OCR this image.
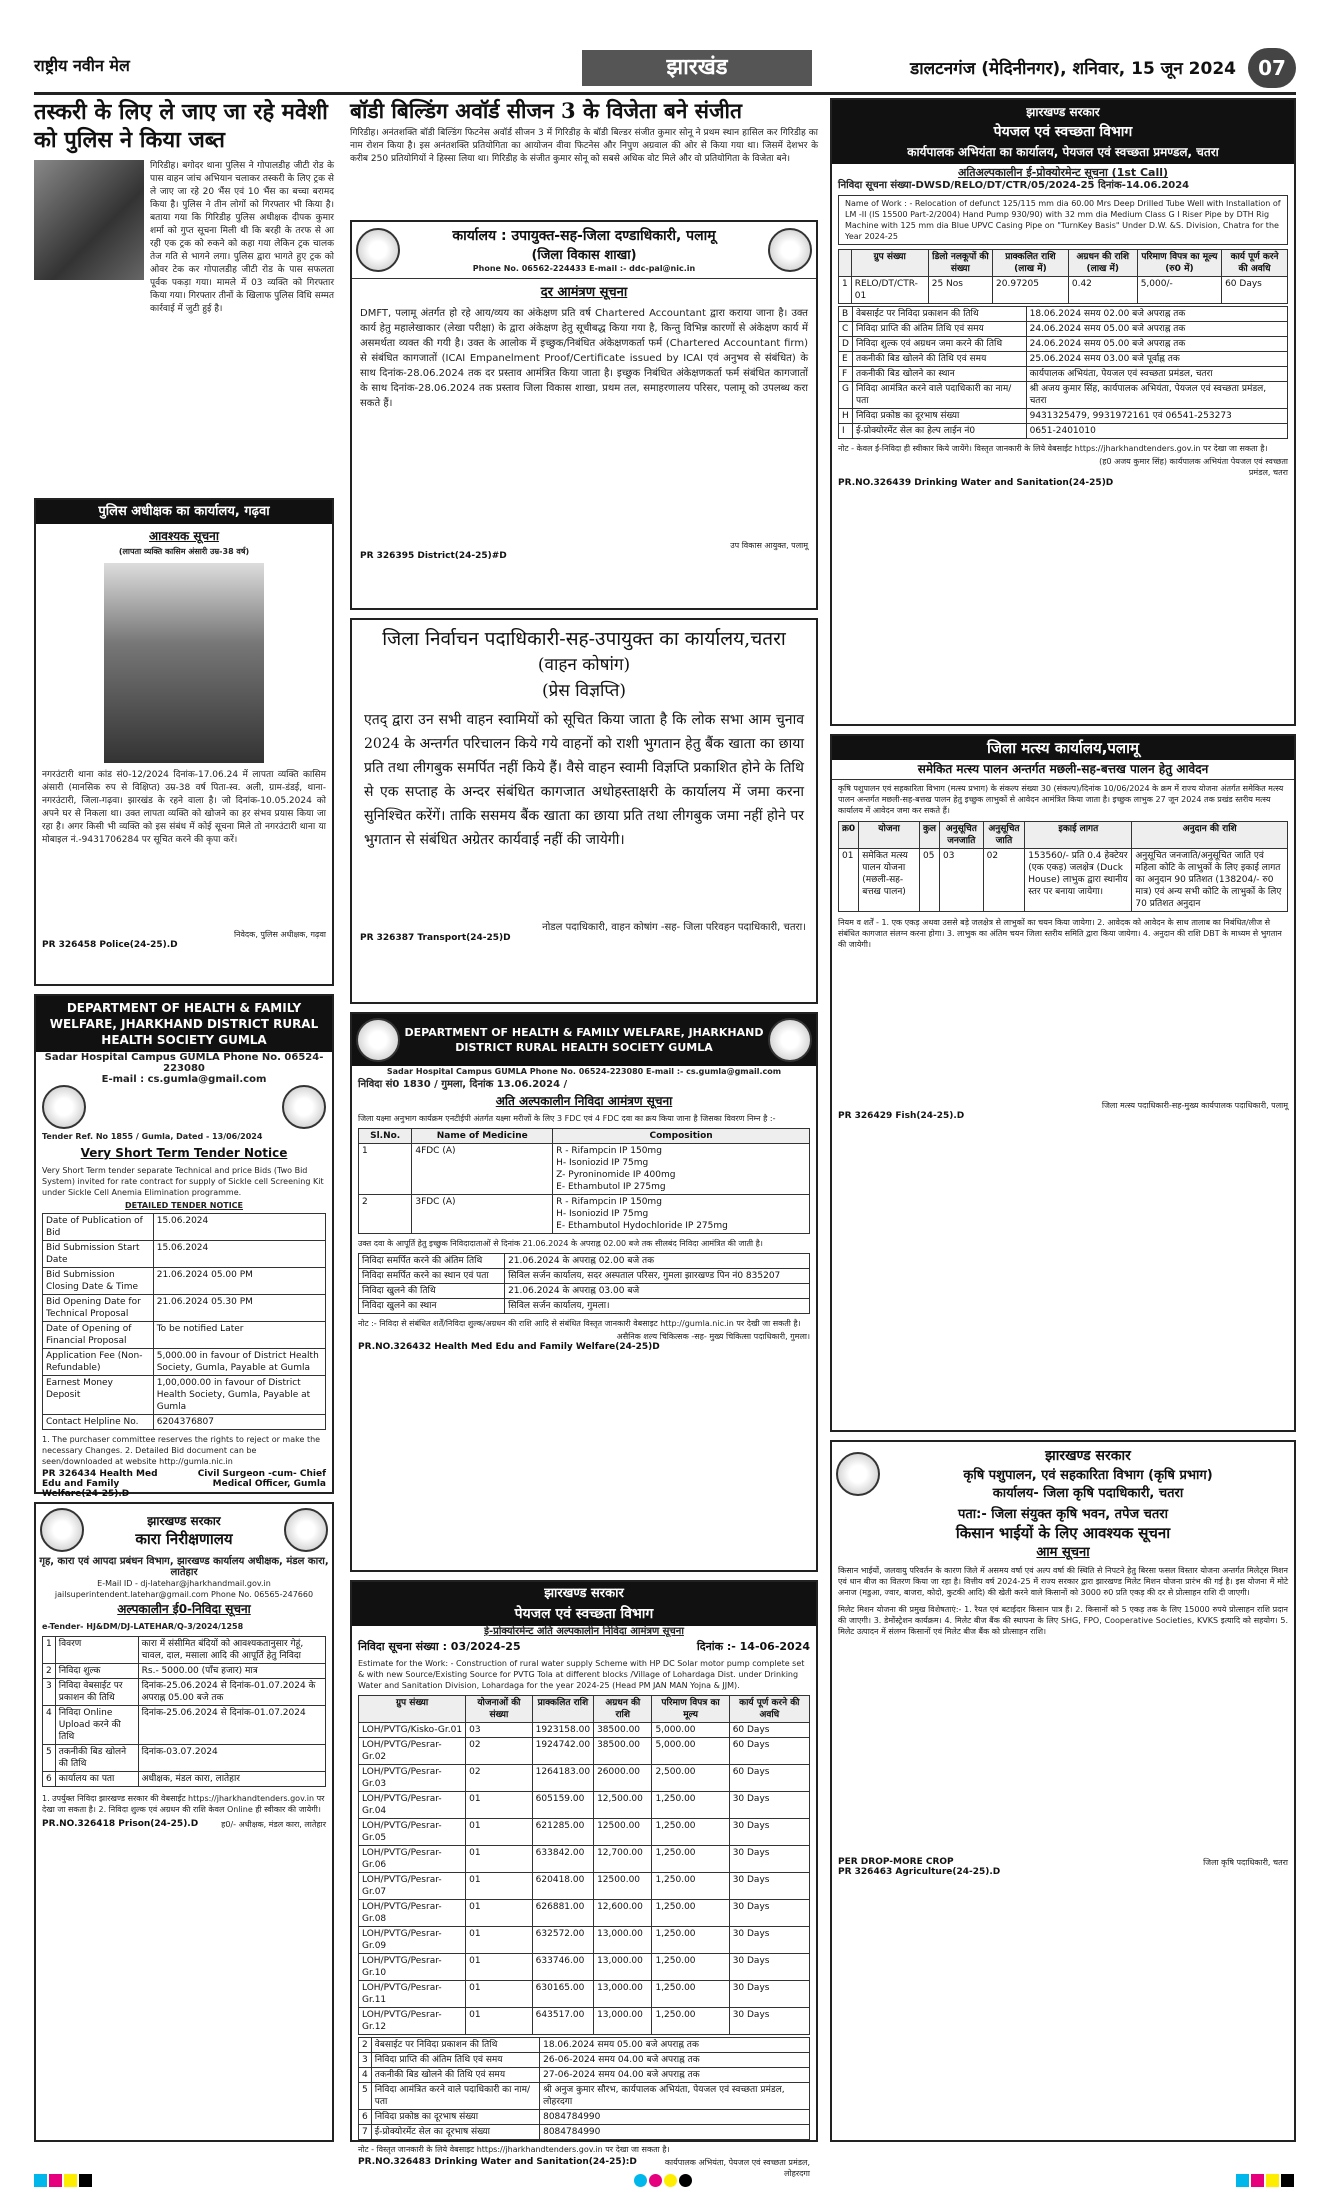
राष्ट्रीय नवीन मेल	झारखंड	डालटनगंज (मेदिनीनगर), शनिवार, 15 जून 2024	07
तस्करी के लिए ले जाए जा रहे मवेशी को पुलिस ने किया जब्त
गिरिडीह। बगोदर थाना पुलिस ने गोपालडीह जीटी रोड के पास वाहन जांच अभियान चलाकर तस्करी के लिए ट्रक से ले जाए जा रहे 20 भैंस एवं 10 भैंस का बच्चा बरामद किया है। पुलिस ने तीन लोगों को गिरफ्तार भी किया है। बताया गया कि गिरिडीह पुलिस अधीक्षक दीपक कुमार शर्मा को गुप्त सूचना मिली थी कि बरही के तरफ से आ रही एक ट्रक को रुकने को कहा गया लेकिन ट्रक चालक तेज गति से भागने लगा। पुलिस द्वारा भागते हुए ट्रक को ओवर टेक कर गोपालडीह जीटी रोड के पास सफलता पूर्वक पकड़ा गया। मामले में 03 व्यक्ति को गिरफ्तार किया गया। गिरफ्तार तीनों के खिलाफ पुलिस विधि सम्मत कार्रवाई में जुटी हुई है।
पुलिस अधीक्षक का कार्यालय, गढ़वा
आवश्यक सूचना
(लापता व्यक्ति कासिम अंसारी उम्र-38 वर्ष)
नगरउंटारी थाना कांड सं0-12/2024 दिनांक-17.06.24 में लापता व्यक्ति कासिम अंसारी (मानसिक रुप से विक्षिप्त) उम्र-38 वर्ष पिता-स्व. अली, ग्राम-डंडई, थाना-नगरउंटारी, जिला-गढ़वा। झारखंड के रहने वाला है। जो दिनांक-10.05.2024 को अपने घर से निकला था। उक्त लापता व्यक्ति को खोजने का हर संभव प्रयास किया जा रहा है। अगर किसी भी व्यक्ति को इस संबंध में कोई सूचना मिले तो नगरउंटारी थाना या मोबाइल नं.-9431706284 पर सूचित करने की कृपा करें।
निवेदक, पुलिस अधीक्षक, गढ़वा
PR 326458 Police(24-25).D
DEPARTMENT OF HEALTH & FAMILY WELFARE, JHARKHAND DISTRICT RURAL HEALTH SOCIETY GUMLA
Sadar Hospital Campus GUMLA Phone No. 06524-223080
E-mail : cs.gumla@gmail.com
Tender Ref. No 1855 / Gumla, Dated - 13/06/2024
Very Short Term Tender Notice
Very Short Term tender separate Technical and price Bids (Two Bid System) invited for rate contract for supply of Sickle cell Screening Kit under Sickle Cell Anemia Elimination programme.
DETAILED TENDER NOTICE
Date of Publication of Bid	15.06.2024
Bid Submission Start Date	15.06.2024
Bid Submission Closing Date & Time	21.06.2024 05.00 PM
Bid Opening Date for Technical Proposal	21.06.2024 05.30 PM
Date of Opening of Financial Proposal	To be notified Later
Application Fee (Non-Refundable)	5,000.00 in favour of District Health Society, Gumla, Payable at Gumla
Earnest Money Deposit	1,00,000.00 in favour of District Health Society, Gumla, Payable at Gumla
Contact Helpline No.	6204376807
1. The purchaser committee reserves the rights to reject or make the necessary Changes. 2. Detailed Bid document can be seen/downloaded at website http://gumla.nic.in
PR 326434 Health Med Edu and Family Welfare(24-25).D
Civil Surgeon -cum- Chief Medical Officer, Gumla
झारखण्ड सरकार
कारा निरीक्षणालय
गृह, कारा एवं आपदा प्रबंधन विभाग, झारखण्ड कार्यालय अधीक्षक, मंडल कारा, लातेहार
E-Mail ID - dj-latehar@jharkhandmail.gov.in jailsuperintendent.latehar@gmail.com Phone No. 06565-247660
अल्पकालीन ई0-निविदा सूचना
e-Tender- HJ&DM/DJ-LATEHAR/Q-3/2024/1258
1	विवरण	कारा में संसीमित बंदियों को आवश्यकतानुसार गेहूं, चावल, दाल, मसाला आदि की आपूर्ति हेतु निविदा
2	निविदा शुल्क	Rs.- 5000.00 (पाँच हजार) मात्र
3	निविदा वेबसाईट पर प्रकाशन की तिथि	दिनांक-25.06.2024 से दिनांक-01.07.2024 के अपराह्न 05.00 बजे तक
4	निविदा Online Upload करने की तिथि	दिनांक-25.06.2024 से दिनांक-01.07.2024
5	तकनीकी बिड खोलने की तिथि	दिनांक-03.07.2024
6	कार्यालय का पता	अधीक्षक, मंडल कारा, लातेहार
1. उपर्युक्त निविदा झारखण्ड सरकार की वेबसाईट https://jharkhandtenders.gov.in पर देखा जा सकता है। 2. निविदा शुल्क एवं अग्रधन की राशि केवल Online ही स्वीकार की जायेगी।
PR.NO.326418 Prison(24-25).D	ह0/- अधीक्षक, मंडल कारा, लातेहार
बॉडी बिल्डिंग अवॉर्ड सीजन 3 के विजेता बने संजीत
गिरिडीह। अनंतशक्ति बॉडी बिल्डिंग फिटनेस अवॉर्ड सीजन 3 में गिरिडीह के बॉडी बिल्डर संजीत कुमार सोनू ने प्रथम स्थान हासिल कर गिरिडीह का नाम रोशन किया है। इस अनंतशक्ति प्रतियोगिता का आयोजन वीवा फिटनेस और निपुण अग्रवाल की ओर से किया गया था। जिसमें देशभर के करीब 250 प्रतियोगियों ने हिस्सा लिया था। गिरिडीह के संजीत कुमार सोनू को सबसे अधिक वोट मिले और वो प्रतियोगिता के विजेता बने।
कार्यालय : उपायुक्त-सह-जिला दण्डाधिकारी, पलामू
(जिला विकास शाखा)
Phone No. 06562-224433 E-mail :- ddc-pal@nic.in
दर आमंत्रण सूचना
DMFT, पलामू अंतर्गत हो रहे आय/व्यय का अंकेक्षण प्रति वर्ष Chartered Accountant द्वारा कराया जाना है। उक्त कार्य हेतु महालेखाकार (लेखा परीक्षा) के द्वारा अंकेक्षण हेतु सूचीबद्ध किया गया है, किन्तु विभिन्न कारणों से अंकेक्षण कार्य में असमर्थता व्यक्त की गयी है। उक्त के आलोक में इच्छुक/निबंधित अंकेक्षणकर्ता फर्म (Chartered Accountant firm) से संबंधित कागजातों (ICAI Empanelment Proof/Certificate issued by ICAI एवं अनुभव से संबंधित) के साथ दिनांक-28.06.2024 तक दर प्रस्ताव आमंत्रित किया जाता है। इच्छुक निबंधित अंकेक्षणकर्ता फर्म संबंधित कागजातों के साथ दिनांक-28.06.2024 तक प्रस्ताव जिला विकास शाखा, प्रथम तल, समाहरणालय परिसर, पलामू को उपलब्ध करा सकते हैं।
उप विकास आयुक्त, पलामू
PR 326395 District(24-25)#D
जिला निर्वाचन पदाधिकारी-सह-उपायुक्त का कार्यालय,चतरा
(वाहन कोषांग)
(प्रेस विज्ञप्ति)
एतद् द्वारा उन सभी वाहन स्वामियों को सूचित किया जाता है कि लोक सभा आम चुनाव 2024 के अन्तर्गत परिचालन किये गये वाहनों को राशी भुगतान हेतु बैंक खाता का छाया प्रति तथा लीगबुक समर्पित नहीं किये हैं। वैसे वाहन स्वामी विज्ञप्ति प्रकाशित होने के तिथि से एक सप्ताह के अन्दर संबंधित कागजात अधोहस्ताक्षरी के कार्यालय में जमा करना सुनिश्चित करेंगें। ताकि ससमय बैंक खाता का छाया प्रति तथा लीगबुक जमा नहीं होने पर भुगतान से संबंधित अग्रेतर कार्यवाई नहीं की जायेगी।
नोडल पदाधिकारी, वाहन कोषांग -सह- जिला परिवहन पदाधिकारी, चतरा।
PR 326387 Transport(24-25)D
DEPARTMENT OF HEALTH & FAMILY WELFARE, JHARKHAND DISTRICT RURAL HEALTH SOCIETY GUMLA
Sadar Hospital Campus GUMLA Phone No. 06524-223080 E-mail :- cs.gumla@gmail.com
निविदा सं0 1830 / गुमला, दिनांक 13.06.2024 /
अति अल्पकालीन निविदा आमंत्रण सूचना
जिला यक्ष्मा अनुभाग कार्यक्रम एनटीईपी अंतर्गत यक्ष्मा मरीजों के लिए 3 FDC एवं 4 FDC दवा का क्रय किया जाना है जिसका विवरण निम्न है :-
Sl.No.	Name of Medicine	Composition
1	4FDC (A)	R - Rifampcin IP 150mg
H- Isoniozid IP 75mg
Z- Pyroninomide IP 400mg
E- Ethambutol IP 275mg
2	3FDC (A)	R - Rifampcin IP 150mg
H- Isoniozid IP 75mg
E- Ethambutol Hydochloride IP 275mg
उक्त दवा के आपूर्ति हेतु इच्छुक निविदादाताओं से दिनांक 21.06.2024 के अपराह्न 02.00 बजे तक सीलबंद निविदा आमंत्रित की जाती है।
निविदा समर्पित करने की अंतिम तिथि	21.06.2024 के अपराह्न 02.00 बजे तक
निविदा समर्पित करने का स्थान एवं पता	सिविल सर्जन कार्यालय, सदर अस्पताल परिसर, गुमला झारखण्ड पिन नं0 835207
निविदा खुलने की तिथि	21.06.2024 के अपराह्न 03.00 बजे
निविदा खुलने का स्थान	सिविल सर्जन कार्यालय, गुमला।
नोट :- निविदा से संबंधित शर्तें/निविदा शुल्क/अग्रधन की राशि आदि से संबंधित विस्तृत जानकारी वेबसाइट http://gumla.nic.in पर देखी जा सकती है।
असैनिक शल्य चिकित्सक -सह- मुख्य चिकित्सा पदाधिकारी, गुमला।
PR.NO.326432 Health Med Edu and Family Welfare(24-25)D
झारखण्ड सरकार
पेयजल एवं स्वच्छता विभाग
ई-प्रोक्योरमेन्ट अति अल्पकालीन निविदा आमंत्रण सूचना
निविदा सूचना संख्या : 03/2024-25	दिनांक :- 14-06-2024
Estimate for the Work: - Construction of rural water supply Scheme with HP DC Solar motor pump complete set & with new Source/Existing Source for PVTG Tola at different blocks /Village of Lohardaga Dist. under Drinking Water and Sanitation Division, Lohardaga for the year 2024-25 (Head PM JAN MAN Yojna & JJM).
ग्रुप संख्या	योजनाओं की संख्या	प्राक्कलित राशि	अग्रधन की राशि	परिमाण विपत्र का मूल्य	कार्य पूर्ण करने की अवधि
LOH/PVTG/Kisko-Gr.01	03	1923158.00	38500.00	5,000.00	60 Days
LOH/PVTG/Pesrar-Gr.02	02	1924742.00	38500.00	5,000.00	60 Days
LOH/PVTG/Pesrar-Gr.03	02	1264183.00	26000.00	2,500.00	60 Days
LOH/PVTG/Pesrar-Gr.04	01	605159.00	12,500.00	1,250.00	30 Days
LOH/PVTG/Pesrar-Gr.05	01	621285.00	12500.00	1,250.00	30 Days
LOH/PVTG/Pesrar-Gr.06	01	633842.00	12,700.00	1,250.00	30 Days
LOH/PVTG/Pesrar-Gr.07	01	620418.00	12500.00	1,250.00	30 Days
LOH/PVTG/Pesrar-Gr.08	01	626881.00	12,600.00	1,250.00	30 Days
LOH/PVTG/Pesrar-Gr.09	01	632572.00	13,000.00	1,250.00	30 Days
LOH/PVTG/Pesrar-Gr.10	01	633746.00	13,000.00	1,250.00	30 Days
LOH/PVTG/Pesrar-Gr.11	01	630165.00	13,000.00	1,250.00	30 Days
LOH/PVTG/Pesrar-Gr.12	01	643517.00	13,000.00	1,250.00	30 Days
2	वेबसाईट पर निविदा प्रकाशन की तिथि	18.06.2024 समय 05.00 बजे अपराह्न तक
3	निविदा प्राप्ति की अंतिम तिथि एवं समय	26-06-2024 समय 04.00 बजे अपराह्न तक
4	तकनीकी बिड खोलने की तिथि एवं समय	27-06-2024 समय 04.00 बजे अपराह्न तक
5	निविदा आमंत्रित करने वाले पदाधिकारी का नाम/पता	श्री अनुज कुमार सौरभ, कार्यपालक अभियंता, पेयजल एवं स्वच्छता प्रमंडल, लोहरदगा
6	निविदा प्रकोष्ठ का दूरभाष संख्या	8084784990
7	ई-प्रोक्योरमेंट सेल का दूरभाष संख्या	8084784990
नोट - विस्तृत जानकारी के लिये वेबसाइट https://jharkhandtenders.gov.in पर देखा जा सकता है।
PR.NO.326483 Drinking Water and Sanitation(24-25):D	कार्यपालक अभियंता, पेयजल एवं स्वच्छता प्रमंडल, लोहरदगा
झारखण्ड सरकार
पेयजल एवं स्वच्छता विभाग
कार्यपालक अभियंता का कार्यालय, पेयजल एवं स्वच्छता प्रमण्डल, चतरा
अतिअल्पकालीन ई-प्रोक्योरमेन्ट सूचना (1st Call)
निविदा सूचना संख्या-DWSD/RELO/DT/CTR/05/2024-25 दिनांक-14.06.2024
Name of Work : - Relocation of defunct 125/115 mm dia 60.00 Mrs Deep Drilled Tube Well with Installation of LM -II (IS 15500 Part-2/2004) Hand Pump 930/90) with 32 mm dia Medium Class G I Riser Pipe by DTH Rig Machine with 125 mm dia Blue UPVC Casing Pipe on "TurnKey Basis" Under D.W. &S. Division, Chatra for the Year 2024-25
	ग्रुप संख्या	डिलो नलकूपों की संख्या	प्राक्कलित राशि (लाख में)	अग्रधन की राशि (लाख में)	परिमाण विपत्र का मूल्य (रु0 में)	कार्य पूर्ण करने की अवधि
1	RELO/DT/CTR-01	25 Nos	20.97205	0.42	5,000/-	60 Days
B	वेबसाईट पर निविदा प्रकाशन की तिथि	18.06.2024 समय 02.00 बजे अपराह्न तक
C	निविदा प्राप्ति की अंतिम तिथि एवं समय	24.06.2024 समय 05.00 बजे अपराह्न तक
D	निविदा शुल्क एवं अग्रधन जमा करने की तिथि	24.06.2024 समय 05.00 बजे अपराह्न तक
E	तकनीकी बिड खोलने की तिथि एवं समय	25.06.2024 समय 03.00 बजे पूर्वाह्न तक
F	तकनीकी बिड खोलने का स्थान	कार्यपालक अभियंता, पेयजल एवं स्वच्छता प्रमंडल, चतरा
G	निविदा आमंत्रित करने वाले पदाधिकारी का नाम/पता	श्री अजय कुमार सिंह, कार्यपालक अभियंता, पेयजल एवं स्वच्छता प्रमंडल, चतरा
H	निविदा प्रकोष्ठ का दूरभाष संख्या	9431325479, 9931972161 एवं 06541-253273
I	ई-प्रोक्योरमेंट सेल का हेल्प लाईन नं0	0651-2401010
नोट - केवल ई-निविदा ही स्वीकार किये जायेंगे। विस्तृत जानकारी के लिये वेबसाईट https://jharkhandtenders.gov.in पर देखा जा सकता है।
(ह0 अजय कुमार सिंह) कार्यपालक अभियंता पेयजल एवं स्वच्छता प्रमंडल, चतरा
PR.NO.326439 Drinking Water and Sanitation(24-25)D
जिला मत्स्य कार्यालय,पलामू
समेकित मत्स्य पालन अन्तर्गत मछली-सह-बत्तख पालन हेतु आवेदन
कृषि पशुपालन एवं सहकारिता विभाग (मत्स्य प्रभाग) के संकल्प संख्या 30 (संकल्प)/दिनांक 10/06/2024 के क्रम में राज्य योजना अंतर्गत समेकित मत्स्य पालन अन्तर्गत मछली-सह-बत्तख पालन हेतु इच्छुक लाभुकों से आवेदन आमंत्रित किया जाता है। इच्छुक लाभुक 27 जून 2024 तक प्रखंड स्तरीय मत्स्य कार्यालय में आवेदन जमा कर सकते हैं।
क्र0	योजना	कुल	अनुसूचित जनजाति	अनुसूचित जाति	इकाई लागत	अनुदान की राशि
01	समेकित मत्स्य पालन योजना (मछली-सह-बत्तख पालन)	05	03	02	153560/- प्रति 0.4 हेक्टेयर (एक एकड़) जलक्षेत्र (Duck House) लाभुक द्वारा स्थानीय स्तर पर बनाया जायेगा।	अनुसूचित जनजाति/अनुसूचित जाति एवं महिला कोटि के लाभुकों के लिए इकाई लागत का अनुदान 90 प्रतिशत (138204/- रु0 मात्र) एवं अन्य सभी कोटि के लाभुकों के लिए 70 प्रतिशत अनुदान
नियम व शर्तें - 1. एक एकड़ अथवा उससे बड़े जलक्षेत्र से लाभुकों का चयन किया जायेगा। 2. आवेदक को आवेदन के साथ तालाब का निबंधित/लीज से संबंधित कागजात संलग्न करना होगा। 3. लाभुक का अंतिम चयन जिला स्तरीय समिति द्वारा किया जायेगा। 4. अनुदान की राशि DBT के माध्यम से भुगतान की जायेगी।
जिला मत्स्य पदाधिकारी-सह-मुख्य कार्यपालक पदाधिकारी, पलामू
PR 326429 Fish(24-25).D
झारखण्ड सरकार
कृषि पशुपालन, एवं सहकारिता विभाग (कृषि प्रभाग)
कार्यालय- जिला कृषि पदाधिकारी, चतरा
पता:- जिला संयुक्त कृषि भवन, तपेज चतरा
किसान भाईयों के लिए आवश्यक सूचना
आम सूचना
किसान भाईयों, जलवायु परिवर्तन के कारण जिले में असमय वर्षा एवं अल्प वर्षा की स्थिति से निपटने हेतु बिरसा फसल विस्तार योजना अन्तर्गत मिलेट्स मिशन एवं धान बीज का वितरण किया जा रहा है। वित्तीय वर्ष 2024-25 में राज्य सरकार द्वारा झारखण्ड मिलेट मिशन योजना प्रारंभ की गई है। इस योजना में मोटे अनाज (मडुआ, ज्वार, बाजरा, कोदो, कुटकी आदि) की खेती करने वाले किसानों को 3000 रु0 प्रति एकड़ की दर से प्रोत्साहन राशि दी जाएगी।
मिलेट मिशन योजना की प्रमुख विशेषताएं:- 1. रैयत एवं बटाईदार किसान पात्र हैं। 2. किसानों को 5 एकड़ तक के लिए 15000 रुपये प्रोत्साहन राशि प्रदान की जाएगी। 3. डेमोंस्ट्रेशन कार्यक्रम। 4. मिलेट बीज बैंक की स्थापना के लिए SHG, FPO, Cooperative Societies, KVKS इत्यादि को सहयोग। 5. मिलेट उत्पादन में संलग्न किसानों एवं मिलेट बीज बैंक को प्रोत्साहन राशि।
PER DROP-MORE CROP
PR 326463 Agriculture(24-25).D
जिला कृषि पदाधिकारी, चतरा
